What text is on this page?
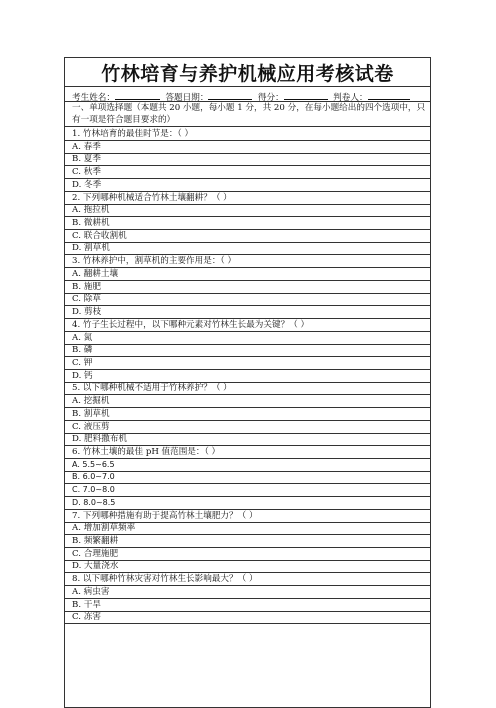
竹林培育与养护机械应用考核试卷
考生姓名：	答题日期：	得分：	判卷人：
一、单项选择题（本题共 20 小题，每小题 1 分，共 20 分，在每小题给出的四个选项中，只有一项是符合题目要求的）
1. 竹林培育的最佳时节是：（ ）
A. 春季
B. 夏季
C. 秋季
D. 冬季
2. 下列哪种机械适合竹林土壤翻耕？（ ）
A. 拖拉机
B. 微耕机
C. 联合收割机
D. 割草机
3. 竹林养护中，割草机的主要作用是：（ ）
A. 翻耕土壤
B. 施肥
C. 除草
D. 剪枝
4. 竹子生长过程中，以下哪种元素对竹林生长最为关键？（ ）
A. 氮
B. 磷
C. 钾
D. 钙
5. 以下哪种机械不适用于竹林养护？（ ）
A. 挖掘机
B. 割草机
C. 液压剪
D. 肥料撒布机
6. 竹林土壤的最佳 pH 值范围是：（ ）
A. 5.5~6.5
B. 6.0~7.0
C. 7.0~8.0
D. 8.0~8.5
7. 下列哪种措施有助于提高竹林土壤肥力？（ ）
A. 增加割草频率
B. 频繁翻耕
C. 合理施肥
D. 大量浇水
8. 以下哪种竹林灾害对竹林生长影响最大？（ ）
A. 病虫害
B. 干旱
C. 冻害
